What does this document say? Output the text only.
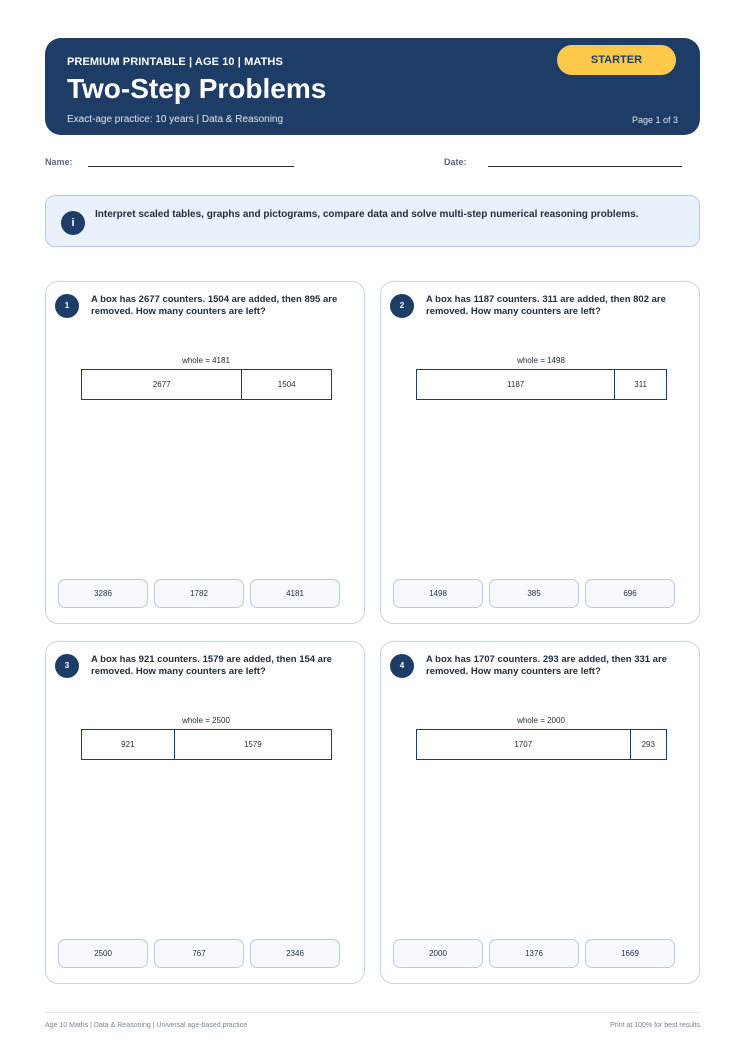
PREMIUM PRINTABLE | AGE 10 | MATHS
Two-Step Problems
Exact-age practice: 10 years | Data & Reasoning
STARTER
Page 1 of 3
Name:	Date:
i
Interpret scaled tables, graphs and pictograms, compare data and solve multi-step numerical reasoning problems.
1
A box has 2677 counters. 1504 are added, then 895 are removed. How many counters are left?
whole = 4181
2677	1504
3286	1782	4181
2
A box has 1187 counters. 311 are added, then 802 are removed. How many counters are left?
whole = 1498
1187	311
1498	385	696
3
A box has 921 counters. 1579 are added, then 154 are removed. How many counters are left?
whole = 2500
921	1579
2500	767	2346
4
A box has 1707 counters. 293 are added, then 331 are removed. How many counters are left?
whole = 2000
1707	293
2000	1376	1669
Age 10 Maths | Data & Reasoning | Universal age-based practice	Print at 100% for best results
